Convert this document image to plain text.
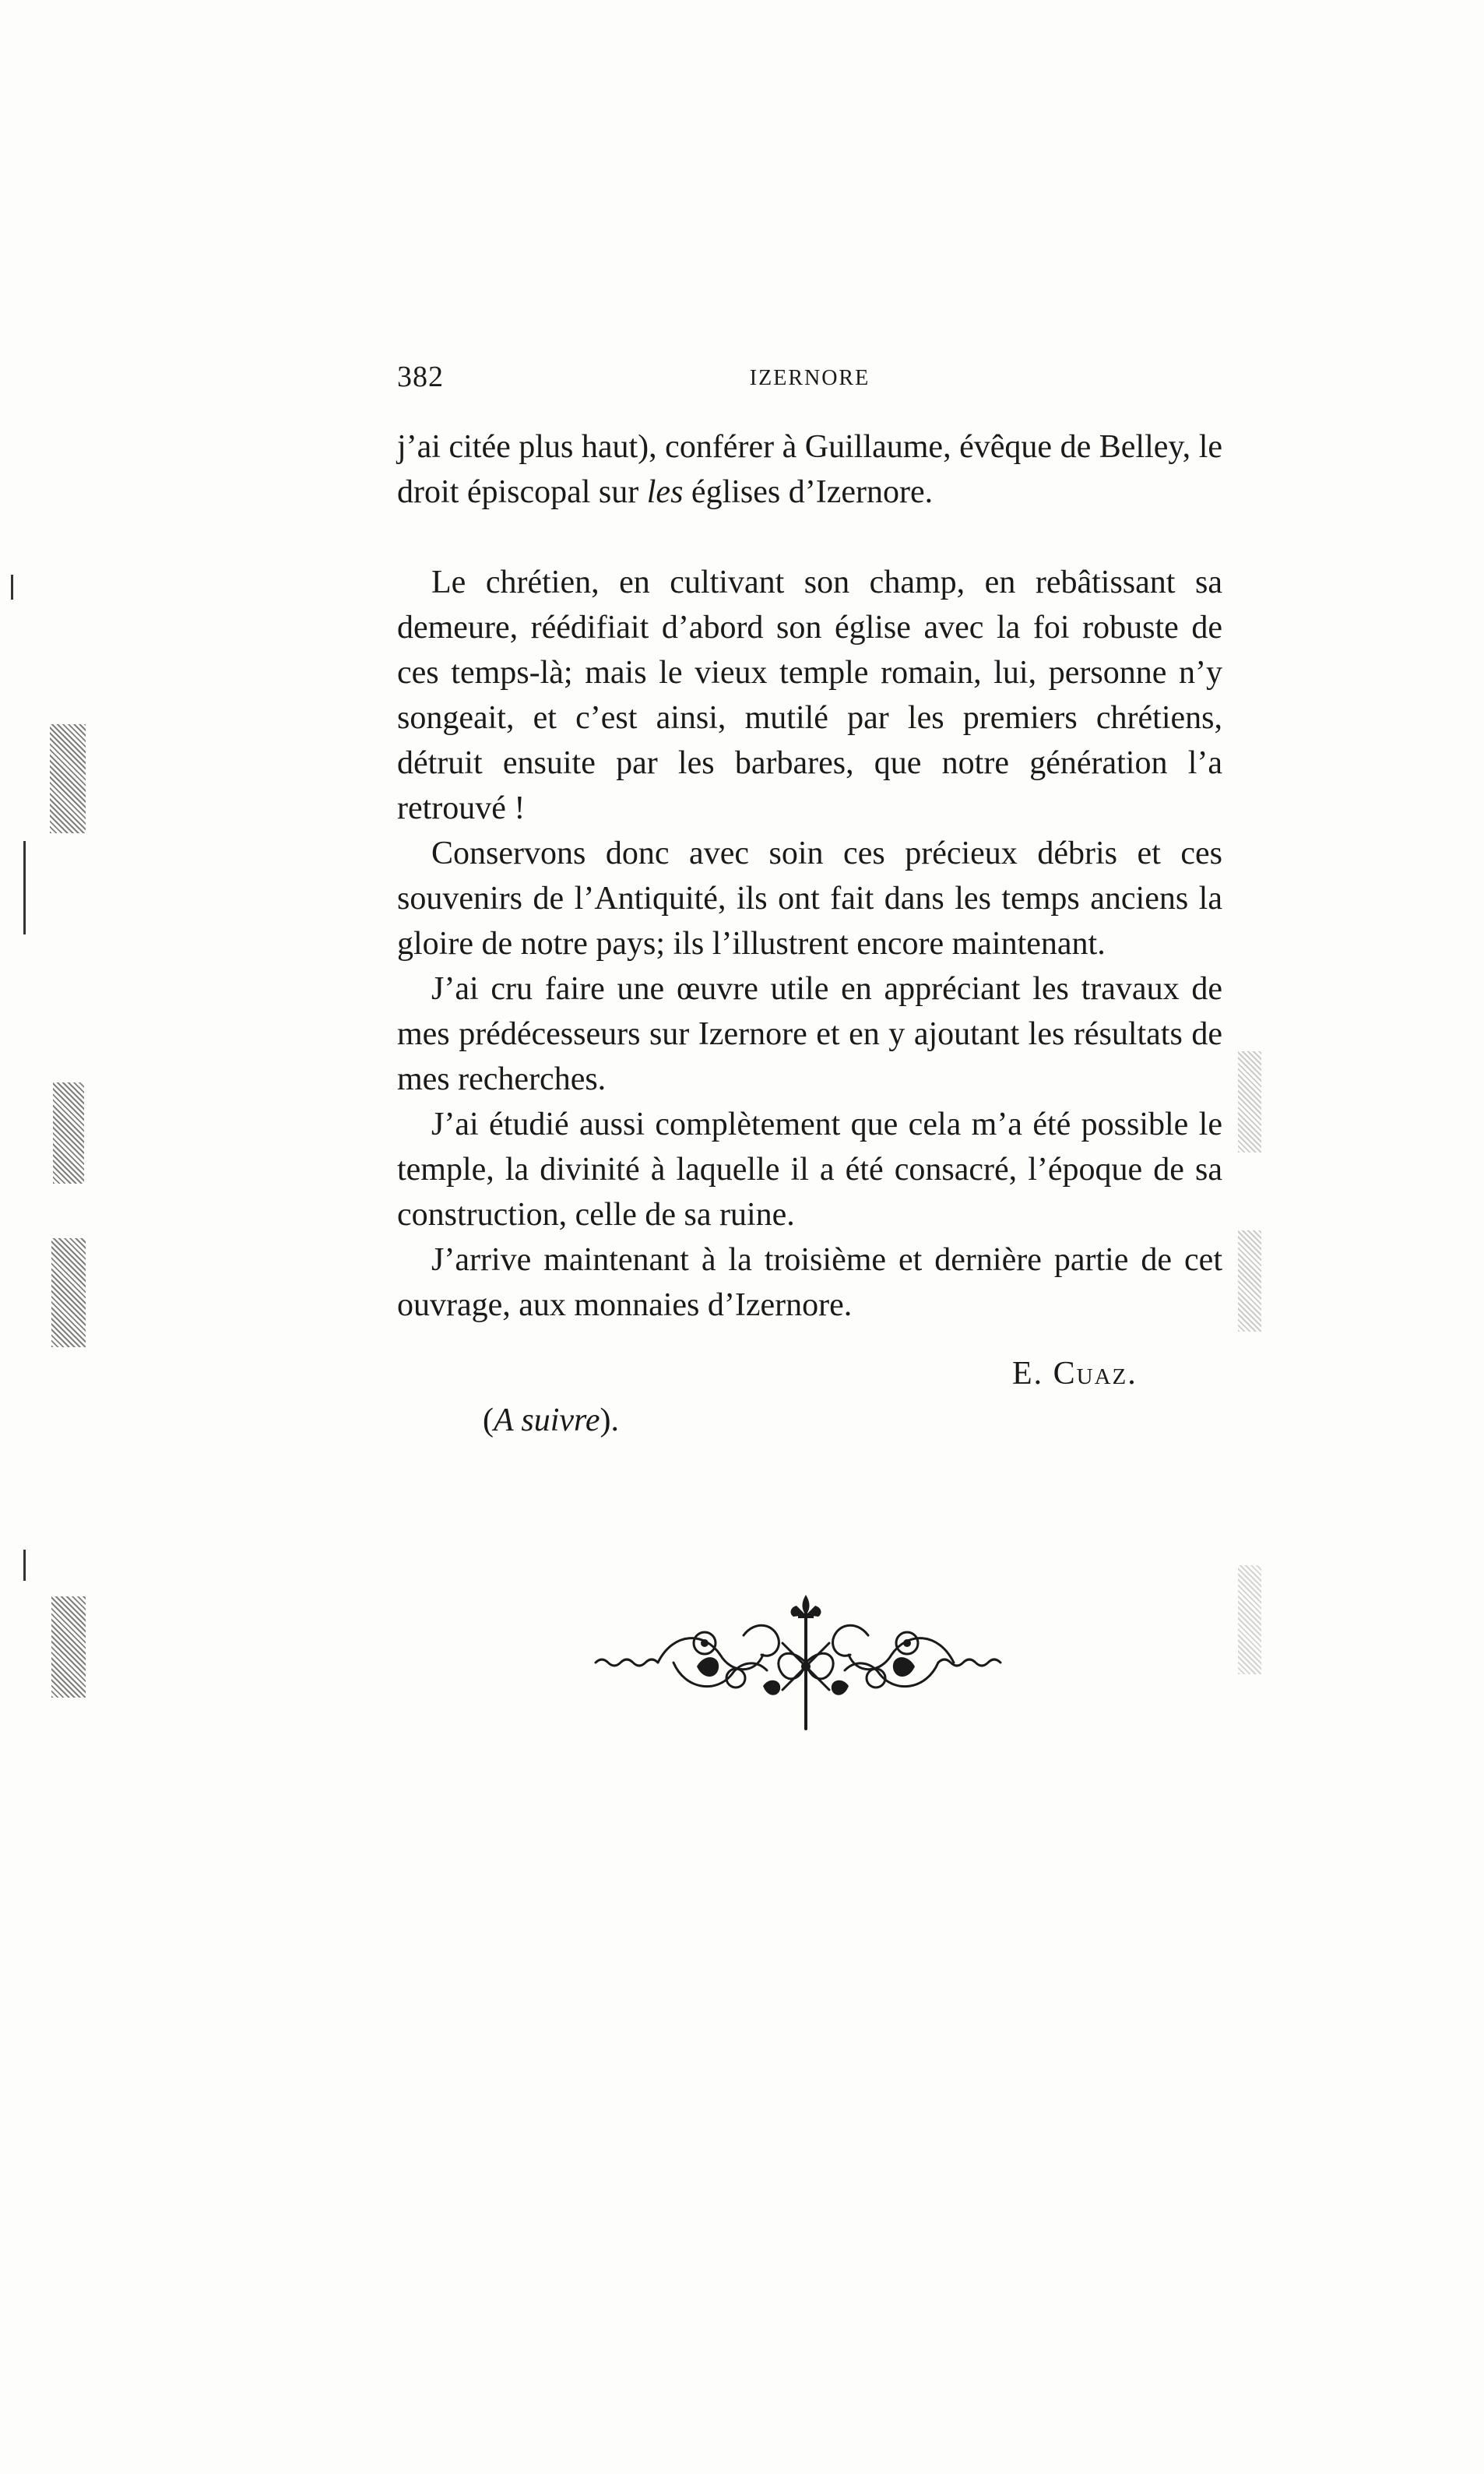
382	IZERNORE

j’ai citée plus haut), conférer à Guillaume, évêque de Belley, le droit épiscopal sur les églises d’Izernore.

Le chrétien, en cultivant son champ, en rebâtissant sa demeure, réédifiait d’abord son église avec la foi robuste de ces temps-là; mais le vieux temple romain, lui, personne n’y songeait, et c’est ainsi, mutilé par les premiers chrétiens, détruit ensuite par les barbares, que notre génération l’a retrouvé !

Conservons donc avec soin ces précieux débris et ces souvenirs de l’Antiquité, ils ont fait dans les temps anciens la gloire de notre pays; ils l’illustrent encore maintenant.

J’ai cru faire une œuvre utile en appréciant les travaux de mes prédécesseurs sur Izernore et en y ajoutant les résultats de mes recherches.

J’ai étudié aussi complètement que cela m’a été possible le temple, la divinité à laquelle il a été consacré, l’époque de sa construction, celle de sa ruine.

J’arrive maintenant à la troisième et dernière partie de cet ouvrage, aux monnaies d’Izernore.

E. Cuaz.
(A suivre).
